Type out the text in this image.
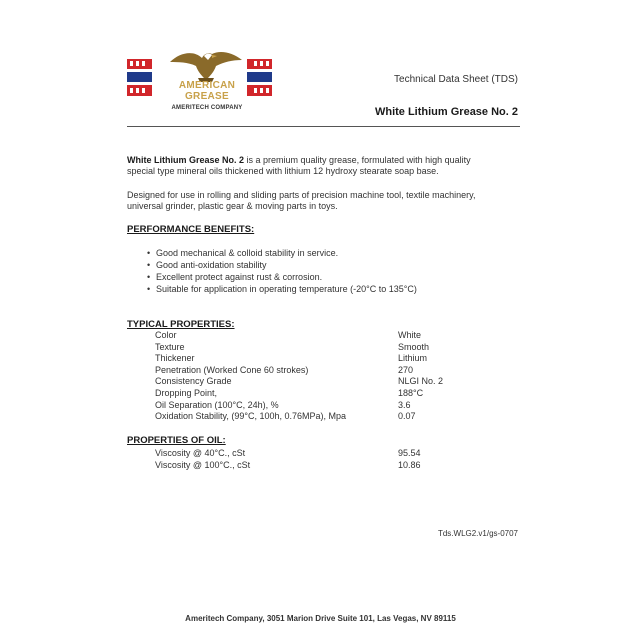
AMERICAN
GREASE
AMERITECH COMPANY
Technical Data Sheet (TDS)
White Lithium Grease No. 2
White Lithium Grease No. 2 is a premium quality grease, formulated with high quality
special type mineral oils thickened with lithium 12 hydroxy stearate soap base.
Designed for use in rolling and sliding parts of precision machine tool, textile machinery,
universal grinder, plastic gear & moving parts in toys.
PERFORMANCE BENEFITS:
• Good mechanical & colloid stability in service.
• Good anti-oxidation stability
• Excellent protect against rust & corrosion.
• Suitable for application in operating temperature (-20°C to 135°C)
TYPICAL PROPERTIES:
Color	White
Texture	Smooth
Thickener	Lithium
Penetration (Worked Cone 60 strokes)	270
Consistency Grade	NLGI No. 2
Dropping Point,	188°C
Oil Separation (100°C, 24h), %	3.6
Oxidation Stability, (99°C, 100h, 0.76MPa), Mpa	0.07
PROPERTIES OF OIL:
Viscosity @ 40°C., cSt	95.54
Viscosity @ 100°C., cSt	10.86
Tds.WLG2.v1/gs-0707
Ameritech Company, 3051 Marion Drive Suite 101, Las Vegas, NV 89115
